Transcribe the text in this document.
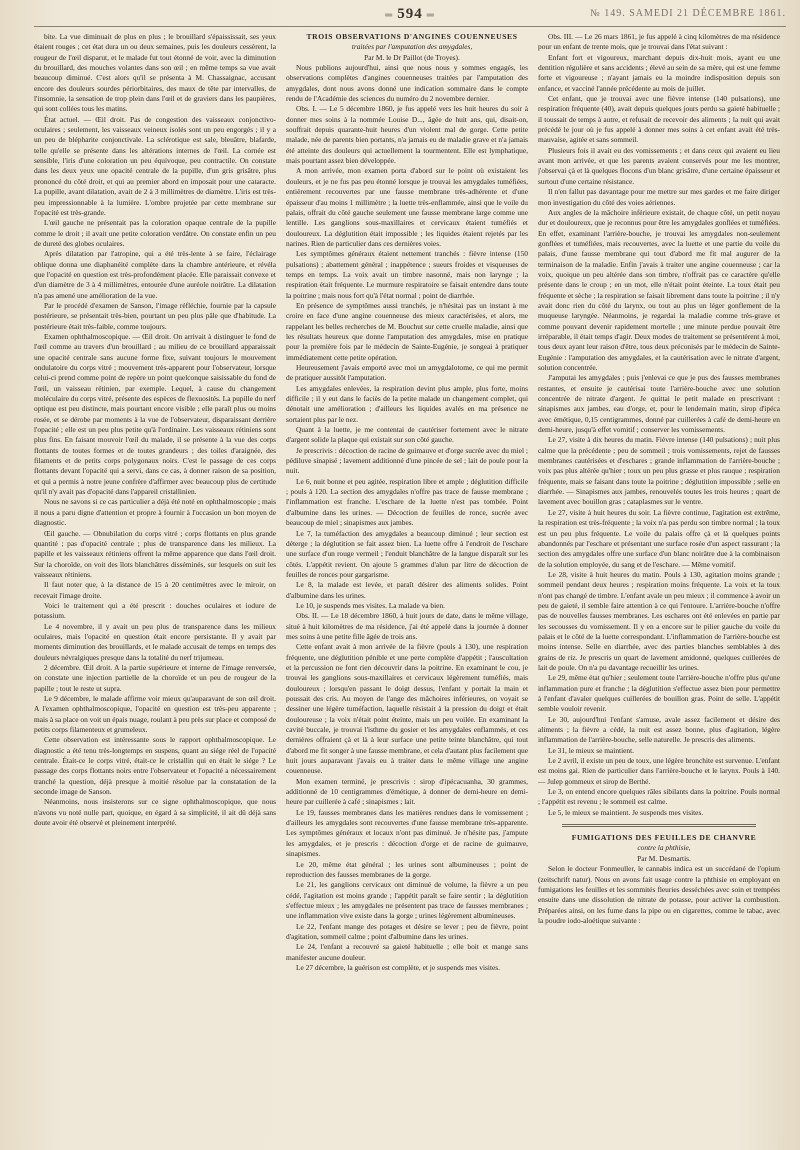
═ 594 ═	№ 149. SAMEDI 21 DÉCEMBRE 1861.

bite. La vue diminuait de plus en plus ; le brouillard s'épaississait, ses yeux étaient rouges ; cet état dura un ou deux semaines, puis les douleurs cessèrent, la rougeur de l'œil disparut, et le malade fut tout étonné de voir, avec la diminution du brouillard, des mouches volantes dans son œil ; en même temps sa vue avait beaucoup diminué. C'est alors qu'il se présenta à M. Chassaignac, accusant encore des douleurs sourdes périorbitaires, des maux de tête par intervalles, de l'insomnie, la sensation de trop plein dans l'œil et de graviers dans les paupières, qui sont collées tous les matins.

État actuel. — Œil droit. Pas de congestion des vaisseaux conjonctivo-oculaires ; seulement, les vaisseaux veineux isolés sont un peu engorgés ; il y a un peu de blépharite conjonctivale. La sclérotique est sale, bleuâtre, blafarde, telle qu'elle se présente dans les altérations internes de l'œil. La cornée est sensible, l'iris d'une coloration un peu équivoque, peu contractile. On constate dans les deux yeux une opacité centrale de la pupille, d'un gris grisâtre, plus prononcé du côté droit, et qui au premier abord en imposait pour une cataracte. La pupille, avant dilatation, avait de 2 à 3 millimètres de diamètre. L'iris est très-peu impressionnable à la lumière. L'ombre projetée par cette membrane sur l'opacité est très-grande.

L'œil gauche ne présentait pas la coloration opaque centrale de la pupille comme le droit ; il avait une petite coloration verdâtre. On constate enfin un peu de dureté des globes oculaires.

Après dilatation par l'atropine, qui a été très-lente à se faire, l'éclairage oblique donna une diaphanéité complète dans la chambre antérieure, et révéla que l'opacité en question est très-profondément placée. Elle paraissait convexe et d'un diamètre de 3 à 4 millimètres, entourée d'une auréole noirâtre. La dilatation n'a pas amené une amélioration de la vue.

Par le procédé d'examen de Sanson, l'image réfléchie, fournie par la capsule postérieure, se présentait très-bien, pourtant un peu plus pâle que d'habitude. La postérieure était très-faible, comme toujours.

Examen ophthalmoscopique. — Œil droit. On arrivait à distinguer le fond de l'œil comme au travers d'un brouillard ; au milieu de ce brouillard apparaissait une opacité centrale sans aucune forme fixe, suivant toujours le mouvement ondulatoire du corps vitré ; mouvement très-apparent pour l'observateur, lorsque celui-ci prend comme point de repère un point quelconque saisissable du fond de l'œil, un vaisseau rétinien, par exemple. Lequel, à cause du changement moléculaire du corps vitré, présente des espèces de flexuosités. La pupille du nerf optique est peu distincte, mais pourtant encore visible ; elle paraît plus ou moins rosée, et se dérobe par moments à la vue de l'observateur, disparaissant derrière l'opacité ; elle est un peu plus petite qu'à l'ordinaire. Les vaisseaux rétiniens sont plus fins. En faisant mouvoir l'œil du malade, il se présente à la vue des corps flottants de toutes formes et de toutes grandeurs ; des toiles d'araignée, des filaments et de petits corps polygonaux noirs. C'est le passage de ces corps flottants devant l'opacité qui a servi, dans ce cas, à donner raison de sa position, et qui a permis à notre jeune confrère d'affirmer avec beaucoup plus de certitude qu'il n'y avait pas d'opacité dans l'appareil cristallinien.

Nous ne savons si ce cas particulier a déjà été noté en ophthalmoscopie ; mais il nous a paru digne d'attention et propre à fournir à l'occasion un bon moyen de diagnostic.

Œil gauche. — Obnubilation du corps vitré ; corps flottants en plus grande quantité ; pas d'opacité centrale ; plus de transparence dans les milieux. La papille et les vaisseaux rétiniens offrent la même apparence que dans l'œil droit. Sur la choroïde, on voit des îlots blanchâtres disséminés, sur lesquels on suit les vaisseaux rétiniens.

Il faut noter que, à la distance de 15 à 20 centimètres avec le miroir, on recevait l'image droite.

Voici le traitement qui a été prescrit : douches oculaires et iodure de potassium.

Le 4 novembre, il y avait un peu plus de transparence dans les milieux oculaires, mais l'opacité en question était encore persistante. Il y avait par moments diminution des brouillards, et le malade accusait de temps en temps des douleurs névralgiques presque dans la totalité du nerf trijumeau.

2 décembre. Œil droit. A la partie supérieure et interne de l'image renversée, on constate une injection partielle de la choroïde et un peu de rougeur de la papille ; tout le reste ut supra.

Le 9 décembre, le malade affirme voir mieux qu'auparavant de son œil droit. A l'examen ophthalmoscopique, l'opacité en question est très-peu apparente ; mais à sa place on voit un épais nuage, roulant à peu près sur place et composé de petits corps filamenteux et grumeleux.

Cette observation est intéressante sous le rapport ophthalmoscopique. Le diagnostic a été tenu très-longtemps en suspens, quant au siége réel de l'opacité centrale. Était-ce le corps vitré, était-ce le cristallin qui en était le siége ? Le passage des corps flottants noirs entre l'observateur et l'opacité a nécessairement tranché la question, déjà presque à moitié résolue par la constatation de la seconde image de Sanson.

Néanmoins, nous insisterons sur ce signe ophthalmoscopique, que nous n'avons vu noté nulle part, quoique, en égard à sa simplicité, il ait dû déjà sans doute avoir été observé et pleinement interprété.

TROIS OBSERVATIONS D'ANGINES COUENNEUSES

traitées par l'amputation des amygdales,

Par M. le Dr Paillot (de Troyes).

Nous publions aujourd'hui, ainsi que nous nous y sommes engagés, les observations complètes d'angines couenneuses traitées par l'amputation des amygdales, dont nous avons donné une indication sommaire dans le compte rendu de l'Académie des sciences du numéro du 2 novembre dernier.

Obs. I. — Le 5 décembre 1860, je fus appelé vers les huit heures du soir à donner mes soins à la nommée Louise D..., âgée de huit ans, qui, disait-on, souffrait depuis quarante-huit heures d'un violent mal de gorge. Cette petite malade, née de parents bien portants, n'a jamais eu de maladie grave et n'a jamais été atteinte des douleurs qui actuellement la tourmentent. Elle est lymphatique, mais pourtant assez bien développée.

A mon arrivée, mon examen porta d'abord sur le point où existaient les douleurs, et je ne fus pas peu étonné lorsque je trouvai les amygdales tuméfiées, entièrement recouvertes par une fausse membrane très-adhérente et d'une épaisseur d'au moins 1 millimètre ; la luette très-enflammée, ainsi que le voile du palais, offrait du côté gauche seulement une fausse membrane large comme une lentille. Les ganglions sous-maxillaires et cervicaux étaient tuméfiés et douloureux. La déglutition était impossible ; les liquides étaient rejetés par les narines. Rien de particulier dans ces dernières voies.

Les symptômes généraux étaient nettement tranchés : fièvre intense (150 pulsations) ; abattement général ; inappétence ; sueurs froides et visqueuses de temps en temps. La voix avait un timbre nasonné, mais non larynge ; la respiration était fréquente. Le murmure respiratoire se faisait entendre dans toute la poitrine ; mais nous fort qu'à l'état normal ; point de diarrhée.

En présence de symptômes aussi tranchés, je n'hésitai pas un instant à me croire en face d'une angine couenneuse des mieux caractérisées, et alors, me rappelant les belles recherches de M. Bouchut sur cette cruelle maladie, ainsi que les résultats heureux que donne l'amputation des amygdales, mise en pratique pour la première fois par le médecin de Sainte-Eugénie, je songeai à pratiquer immédiatement cette petite opération.

Heureusement j'avais emporté avec moi un amygdalotome, ce qui me permit de pratiquer aussitôt l'amputation.

Les amygdales enlevées, la respiration devint plus ample, plus forte, moins difficile ; il y eut dans le faciès de la petite malade un changement complet, qui dénotait une amélioration ; d'ailleurs les liquides avalés en ma présence ne sortaient plus par le nez.

Quant à la luette, je me contentai de cautériser fortement avec le nitrate d'argent solide la plaque qui existait sur son côté gauche.

Je prescrivis : décoction de racine de guimauve et d'orge sucrée avec du miel ; pédiluve sinapisé ; lavement additionné d'une pincée de sel ; lait de poule pour la nuit.

Le 6, nuit bonne et peu agitée, respiration libre et ample ; déglutition difficile ; pouls à 120. La section des amygdales n'offre pas trace de fausse membrane ; l'inflammation est franche. L'eschare de la luette n'est pas tombée. Point d'albumine dans les urines. — Décoction de feuilles de ronce, sucrée avec beaucoup de miel ; sinapismes aux jambes.

Le 7, la tuméfaction des amygdales a beaucoup diminué ; leur section est déterge ; la déglutition se fait assez bien. La luette offre à l'endroit de l'eschare une surface d'un rouge vermeil ; l'enduit blanchâtre de la langue disparaît sur les côtés. L'appétit revient. On ajoute 5 grammes d'alun par litre de décoction de feuilles de ronces pour gargarisme.

Le 8, la malade est levée, et paraît désirer des aliments solides. Point d'albumine dans les urines.

Le 10, je suspends mes visites. La malade va bien.

Obs. II. — Le 18 décembre 1860, à huit jours de date, dans le même village, situé à huit kilomètres de ma résidence, j'ai été appelé dans la journée à donner mes soins à une petite fille âgée de trois ans.

Cette enfant avait à mon arrivée de la fièvre (pouls à 130), une respiration fréquente, une déglutition pénible et une perte complète d'appétit ; l'auscultation et la percussion ne font rien découvrir dans la poitrine. En examinant le cou, je trouvai les ganglions sous-maxillaires et cervicaux légèrement tuméfiés, mais douloureux ; lorsqu'en passant le doigt dessus, l'enfant y portait la main et poussait des cris. Au moyen de l'ange des mâchoires inférieures, on voyait se dessiner une légère tuméfaction, laquelle résistait à la pression du doigt et était douloureuse ; la voix n'était point éteinte, mais un peu voilée. En examinant la cavité buccale, je trouvai l'isthme du gosier et les amygdales enflammés, et ces dernières offraient çà et là à leur surface une petite teinte blanchâtre, qui tout d'abord me fit songer à une fausse membrane, et cela d'autant plus facilement que huit jours auparavant j'avais eu à traiter dans le même village une angine couenneuse.

Mon examen terminé, je prescrivis : sirop d'ipécacuanha, 30 grammes, additionné de 10 centigrammes d'émétique, à donner de demi-heure en demi-heure par cuillerée à café ; sinapismes ; lait.

Le 19, fausses membranes dans les matières rendues dans le vomissement ; d'ailleurs les amygdales sont recouvertes d'une fausse membrane très-apparente. Les symptômes généraux et locaux n'ont pas diminué. Je n'hésite pas, j'ampute les amygdales, et je prescris : décoction d'orge et de racine de guimauve, sinapismes.

Le 20, même état général ; les urines sont albumineuses ; point de reproduction des fausses membranes de la gorge.

Le 21, les ganglions cervicaux ont diminué de volume, la fièvre a un peu cédé, l'agitation est moins grande ; l'appétit paraît se faire sentir ; la déglutition s'effectue mieux ; les amygdales ne présentent pas trace de fausses membranes ; une inflammation vive existe dans la gorge ; urines légèrement albumineuses.

Le 22, l'enfant mange des potages et désire se lever ; peu de fièvre, point d'agitation, sommeil calme ; point d'albumine dans les urines.

Le 24, l'enfant a recouvré sa gaieté habituelle ; elle boit et mange sans manifester aucune douleur.

Le 27 décembre, la guérison est complète, et je suspends mes visites.

Obs. III. — Le 26 mars 1861, je fus appelé à cinq kilomètres de ma résidence pour un enfant de trente mois, que je trouvai dans l'état suivant :

Enfant fort et vigoureux, marchant depuis dix-huit mois, ayant eu une dentition régulière et sans accidents ; élevé au sein de sa mère, qui est une femme forte et vigoureuse ; n'ayant jamais eu la moindre indisposition depuis son enfance, et vacciné l'année précédente au mois de juillet.

Cet enfant, que je trouvai avec une fièvre intense (140 pulsations), une respiration fréquente (40), avait depuis quelques jours perdu sa gaieté habituelle ; il toussait de temps à autre, et refusait de recevoir des aliments ; la nuit qui avait précédé le jour où je fus appelé à donner mes soins à cet enfant avait été très-mauvaise, agitée et sans sommeil.

Plusieurs fois il avait eu des vomissements ; et dans ceux qui avaient eu lieu avant mon arrivée, et que les parents avaient conservés pour me les montrer, j'observai çà et là quelques flocons d'un blanc grisâtre, d'une certaine épaisseur et surtout d'une certaine résistance.

Il n'en fallut pas davantage pour me mettre sur mes gardes et me faire diriger mon investigation du côté des voies aériennes.

Aux angles de la mâchoire inférieure existait, de chaque côté, un petit noyau dur et douloureux, que je reconnus pour être les amygdales gonflées et tuméfiées. En effet, examinant l'arrière-bouche, je trouvai les amygdales non-seulement gonflées et tuméfiées, mais recouvertes, avec la luette et une partie du voile du palais, d'une fausse membrane qui tout d'abord me fit mal augurer de la terminaison de la maladie. Enfin j'avais à traiter une angine couenneuse ; car la voix, quoique un peu altérée dans son timbre, n'offrait pas ce caractère qu'elle présente dans le croup ; en un mot, elle n'était point éteinte. La toux était peu fréquente et sèche ; la respiration se faisait librement dans toute la poitrine ; il n'y avait donc rien du côté du larynx, ou tout au plus un léger gonflement de la muqueuse laryngée. Néanmoins, je regardai la maladie comme très-grave et comme pouvant devenir rapidement mortelle ; une minute perdue pouvait être irréparable, il était temps d'agir. Deux modes de traitement se présentèrent à moi, tous deux ayant leur raison d'être, tous deux préconisés par le médecin de Sainte-Eugénie : l'amputation des amygdales, et la cautérisation avec le nitrate d'argent, solution concentrée.

J'amputai les amygdales ; puis j'enlevai ce que je pus des fausses membranes restantes, et ensuite je cautérisai toute l'arrière-bouche avec une solution concentrée de nitrate d'argent. Je quittai le petit malade en prescrivant : sinapismes aux jambes, eau d'orge, et, pour le lendemain matin, sirop d'ipéca avec émétique, 0,15 centigrammes, donné par cuillerées à café de demi-heure en demi-heure, jusqu'à effet vomitif ; conserver les vomissements.

Le 27, visite à dix heures du matin. Fièvre intense (140 pulsations) ; nuit plus calme que la précédente ; peu de sommeil ; trois vomissements, rejet de fausses membranes cautérisées et d'eschares ; grande inflammation de l'arrière-bouche ; voix pas plus altérée qu'hier ; toux un peu plus grasse et plus rauque ; respiration fréquente, mais se faisant dans toute la poitrine ; déglutition impossible ; selle en diarrhée. — Sinapismes aux jambes, renouvelés toutes les trois heures ; quart de lavement avec bouillon gras ; cataplasmes sur le ventre.

Le 27, visite à huit heures du soir. La fièvre continue, l'agitation est extrême, la respiration est très-fréquente ; la voix n'a pas perdu son timbre normal ; la toux est un peu plus fréquente. Le voile du palais offre çà et là quelques points abandonnés par l'eschare et présentant une surface rosée d'un aspect rassurant ; la section des amygdales offre une surface d'un blanc noirâtre due à la combinaison de la solution employée, du sang et de l'eschare. — Même vomitif.

Le 28, visite à huit heures du matin. Pouls à 130, agitation moins grande ; sommeil pendant deux heures ; respiration moins fréquente. La voix et la toux n'ont pas changé de timbre. L'enfant avale un peu mieux ; il commence à avoir un peu de gaieté, il semble faire attention à ce qui l'entoure. L'arrière-bouche n'offre pas de nouvelles fausses membranes. Les eschares ont été enlevées en partie par les secousses du vomissement. Il y en a encore sur le pilier gauche du voile du palais et le côté de la luette correspondant. L'inflammation de l'arrière-bouche est moins intense. Selle en diarrhée, avec des parties blanches semblables à des grains de riz. Je prescris un quart de lavement amidonné, quelques cuillerées de lait de poule. On n'a pu davantage recueillir les urines.

Le 29, même état qu'hier ; seulement toute l'arrière-bouche n'offre plus qu'une inflammation pure et franche ; la déglutition s'effectue assez bien pour permettre à l'enfant d'avaler quelques cuillerées de bouillon gras. Point de selle. L'appétit semble vouloir revenir.

Le 30, aujourd'hui l'enfant s'amuse, avale assez facilement et désire des aliments ; la fièvre a cédé, la nuit est assez bonne, plus d'agitation, légère inflammation de l'arrière-bouche, selle naturelle. Je prescris des aliments.

Le 31, le mieux se maintient.

Le 2 avril, il existe un peu de toux, une légère bronchite est survenue. L'enfant est moins gai. Rien de particulier dans l'arrière-bouche et le larynx. Pouls à 140. — Julep gommeux et sirop de Berthé.

Le 3, on entend encore quelques râles sibilants dans la poitrine. Pouls normal ; l'appétit est revenu ; le sommeil est calme.

Le 5, le mieux se maintient. Je suspends mes visites.

FUMIGATIONS DES FEUILLES DE CHANVRE

contre la phthisie,

Par M. Desmartis.

Selon le docteur Fonmeuller, le cannabis indica est un succédané de l'opium (zeitschrift natur). Nous en avons fait usage contre la phthisie en employant en fumigations les feuilles et les sommités fleuries desséchées avec soin et trempées ensuite dans une dissolution de nitrate de potasse, pour activer la combustion. Préparées ainsi, on les fume dans la pipe ou en cigarettes, comme le tabac, avec la poudre iodo-aloétique suivante :
